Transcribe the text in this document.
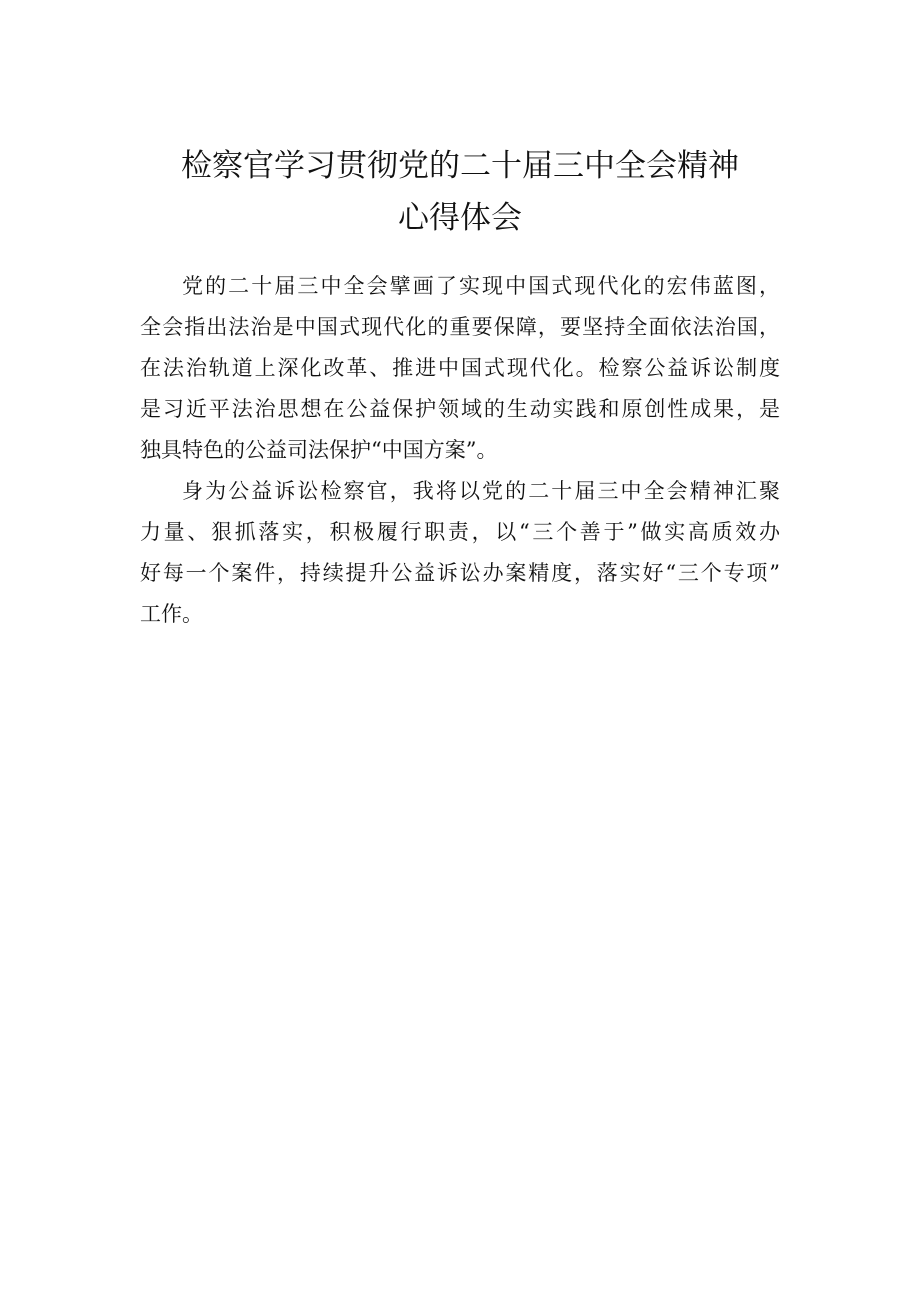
检察官学习贯彻党的二十届三中全会精神
心得体会
党的二十届三中全会擘画了实现中国式现代化的宏伟蓝图，
全会指出法治是中国式现代化的重要保障，要坚持全面依法治国，
在法治轨道上深化改革、推进中国式现代化。检察公益诉讼制度
是习近平法治思想在公益保护领域的生动实践和原创性成果，是
独具特色的公益司法保护“中国方案”。
身为公益诉讼检察官，我将以党的二十届三中全会精神汇聚
力量、狠抓落实，积极履行职责，以“三个善于”做实高质效办
好每一个案件，持续提升公益诉讼办案精度，落实好“三个专项”
工作。
